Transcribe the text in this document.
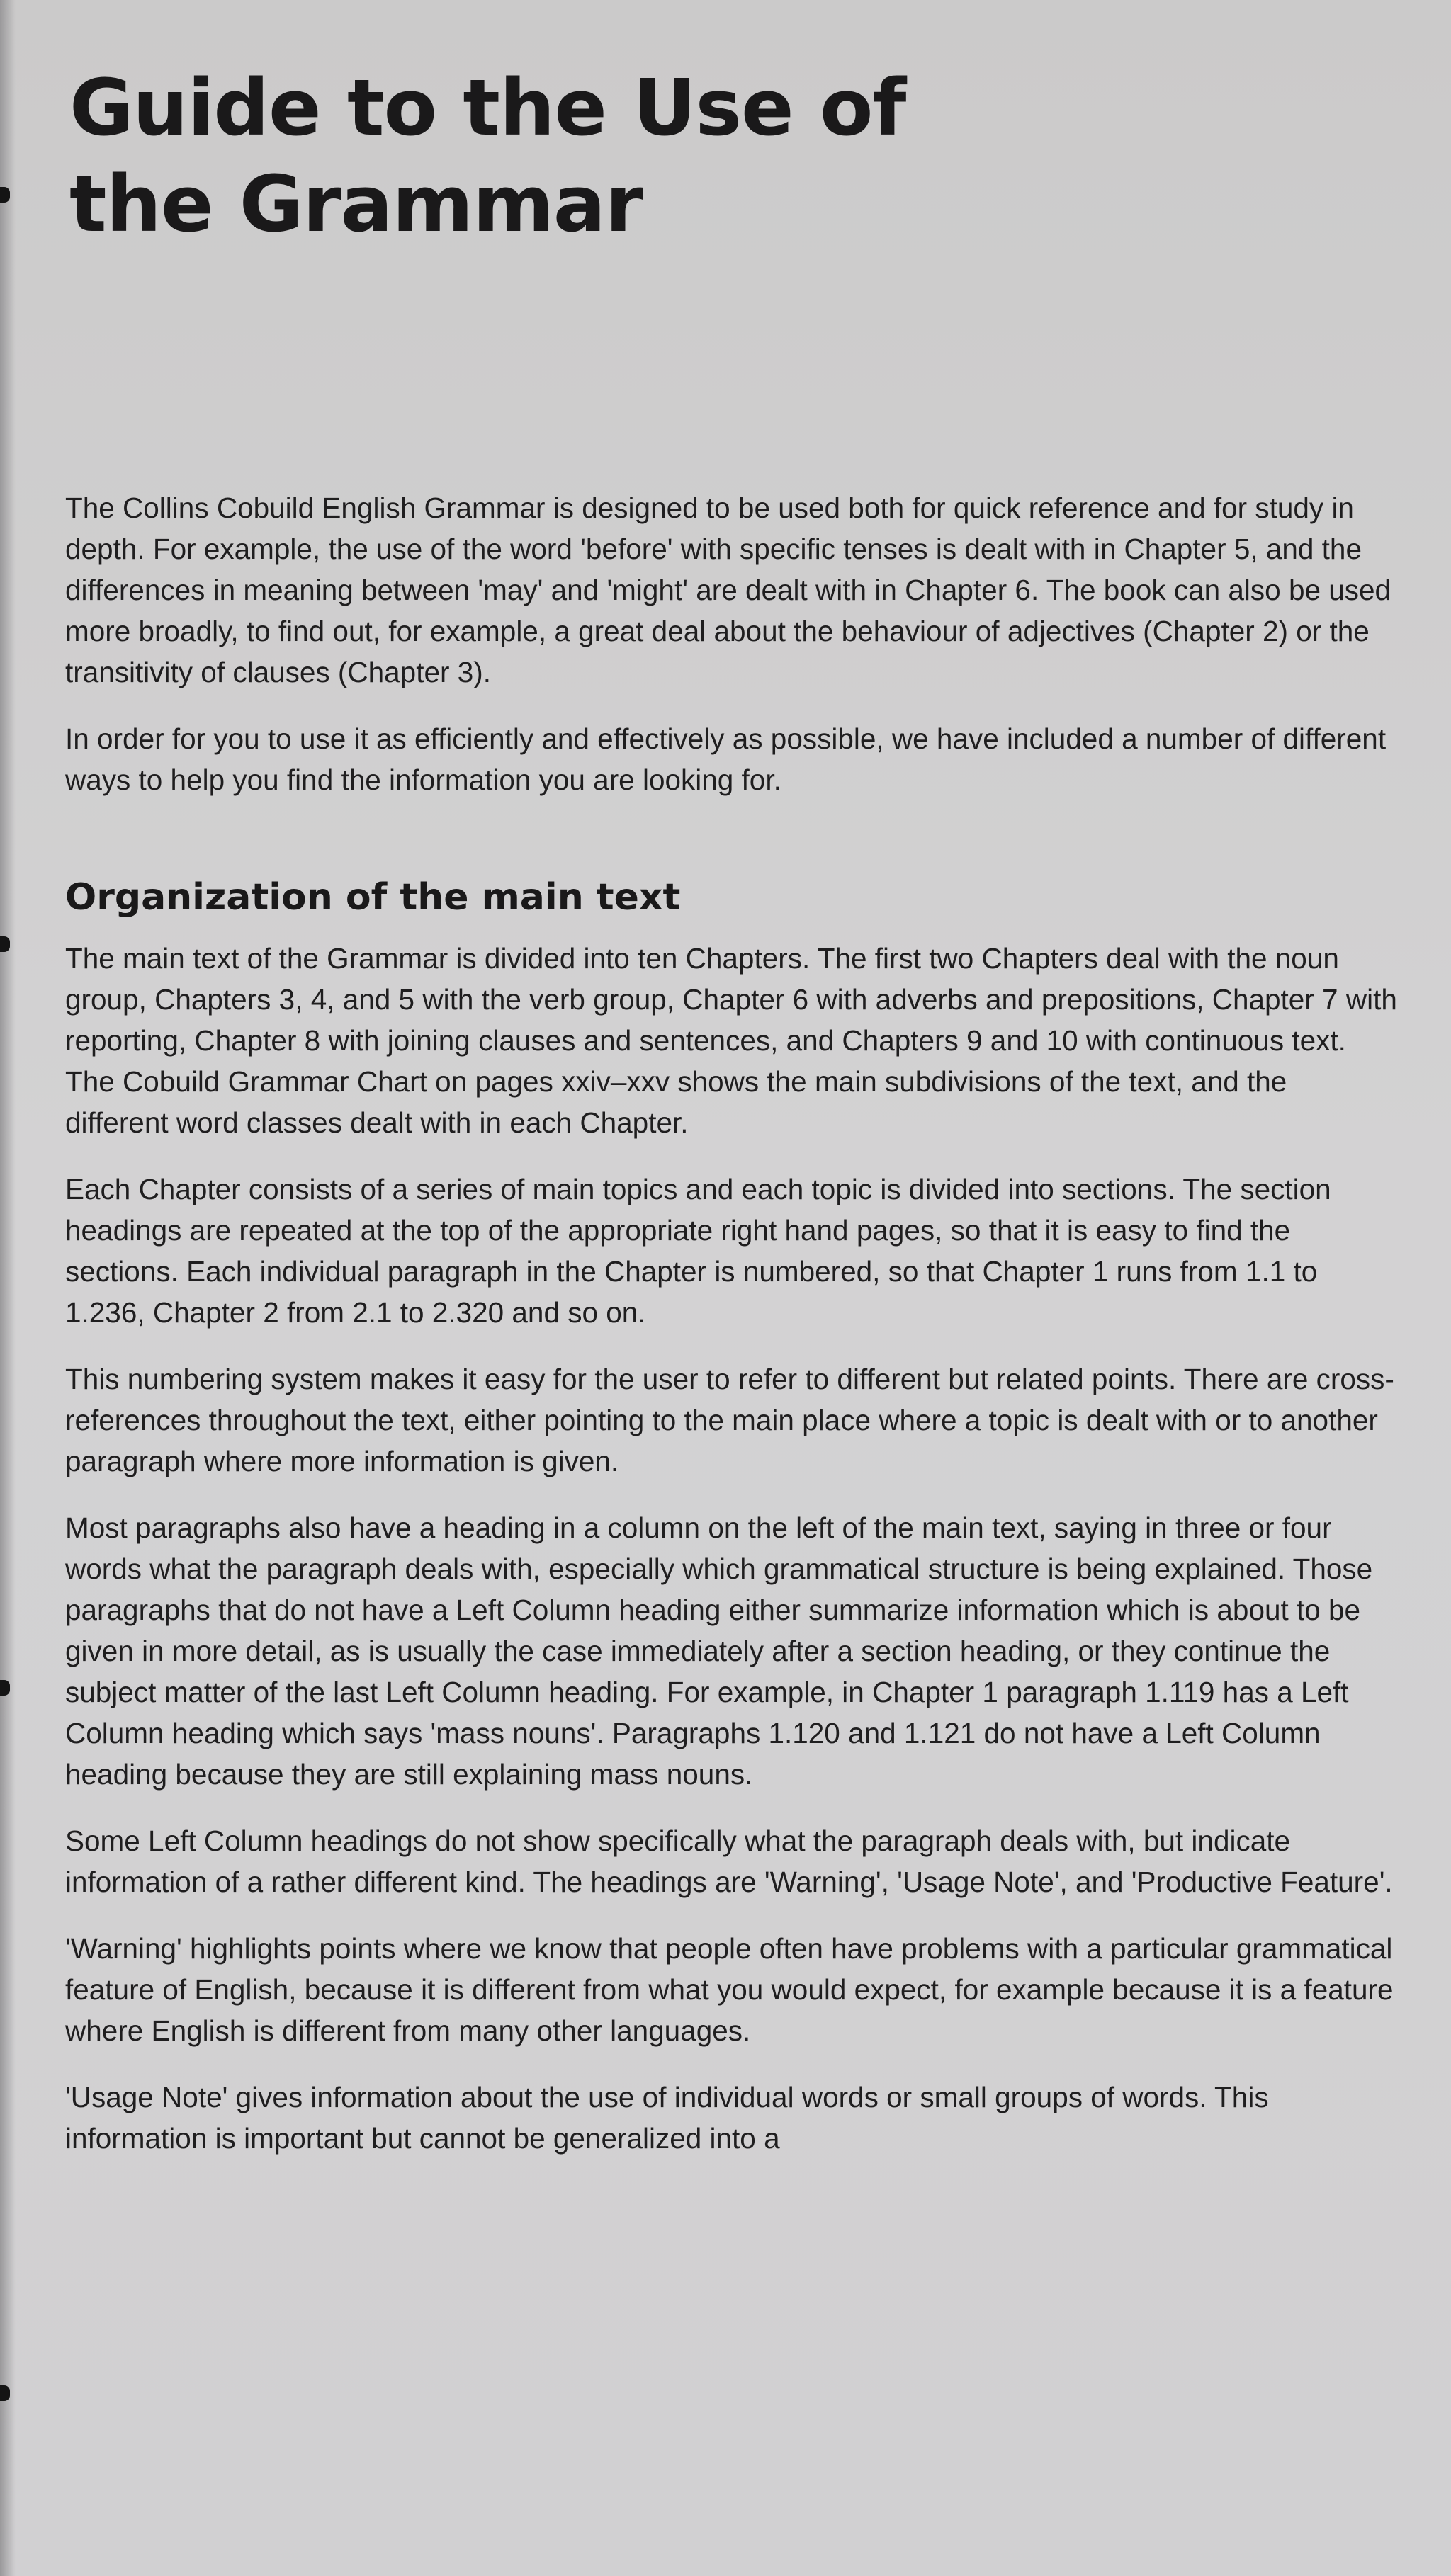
Guide to the Use of
the Grammar

The Collins Cobuild English Grammar is designed to be used both for quick reference and for study in depth. For example, the use of the word 'before' with specific tenses is dealt with in Chapter 5, and the differences in meaning between 'may' and 'might' are dealt with in Chapter 6. The book can also be used more broadly, to find out, for example, a great deal about the behaviour of adjectives (Chapter 2) or the transitivity of clauses (Chapter 3).

In order for you to use it as efficiently and effectively as possible, we have included a number of different ways to help you find the information you are looking for.

Organization of the main text

The main text of the Grammar is divided into ten Chapters. The first two Chapters deal with the noun group, Chapters 3, 4, and 5 with the verb group, Chapter 6 with adverbs and prepositions, Chapter 7 with reporting, Chapter 8 with joining clauses and sentences, and Chapters 9 and 10 with continuous text. The Cobuild Grammar Chart on pages xxiv–xxv shows the main subdivisions of the text, and the different word classes dealt with in each Chapter.

Each Chapter consists of a series of main topics and each topic is divided into sections. The section headings are repeated at the top of the appropriate right hand pages, so that it is easy to find the sections. Each individual paragraph in the Chapter is numbered, so that Chapter 1 runs from 1.1 to 1.236, Chapter 2 from 2.1 to 2.320 and so on.

This numbering system makes it easy for the user to refer to different but related points. There are cross-references throughout the text, either pointing to the main place where a topic is dealt with or to another paragraph where more information is given.

Most paragraphs also have a heading in a column on the left of the main text, saying in three or four words what the paragraph deals with, especially which grammatical structure is being explained. Those paragraphs that do not have a Left Column heading either summarize information which is about to be given in more detail, as is usually the case immediately after a section heading, or they continue the subject matter of the last Left Column heading. For example, in Chapter 1 paragraph 1.119 has a Left Column heading which says 'mass nouns'. Paragraphs 1.120 and 1.121 do not have a Left Column heading because they are still explaining mass nouns.

Some Left Column headings do not show specifically what the paragraph deals with, but indicate information of a rather different kind. The headings are 'Warning', 'Usage Note', and 'Productive Feature'.

'Warning' highlights points where we know that people often have problems with a particular grammatical feature of English, because it is different from what you would expect, for example because it is a feature where English is different from many other languages.

'Usage Note' gives information about the use of individual words or small groups of words. This information is important but cannot be generalized into a
